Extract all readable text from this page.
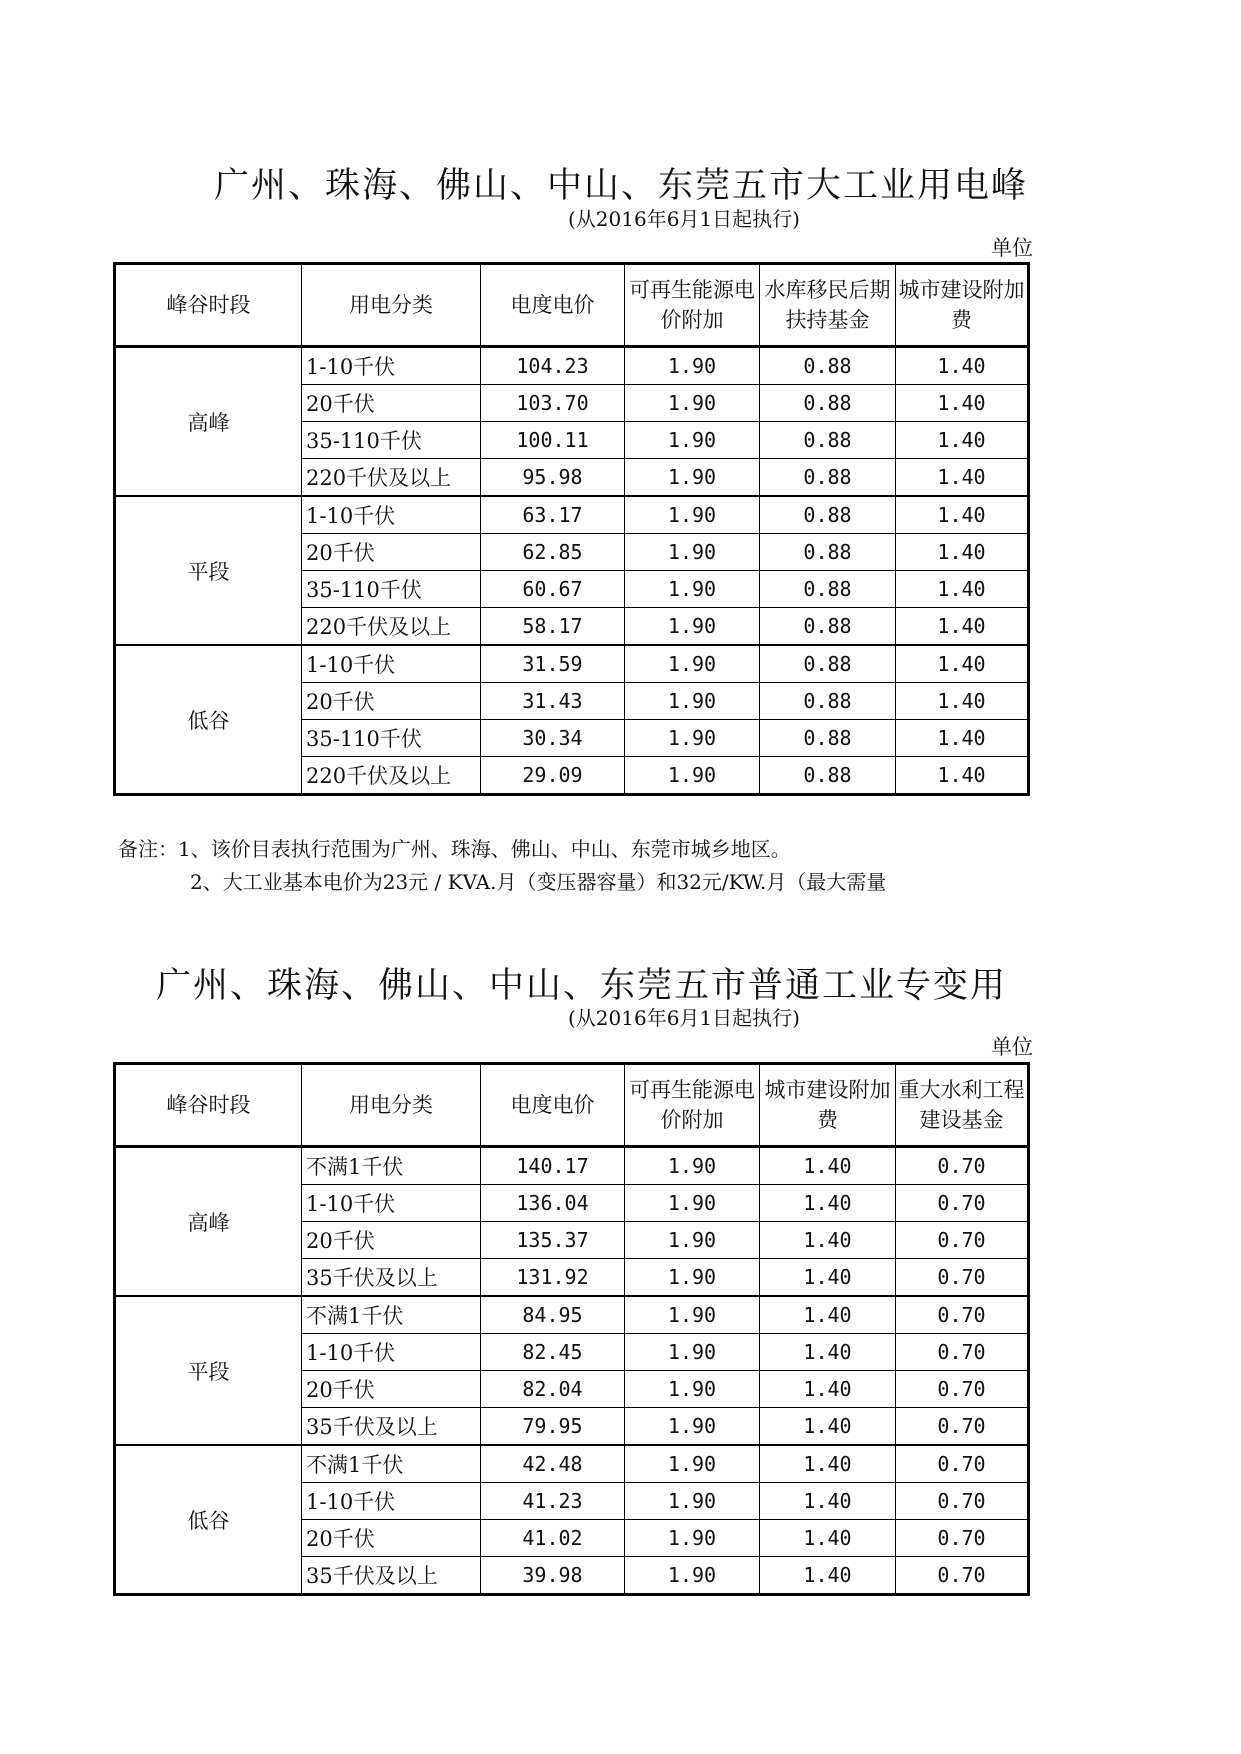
广州、珠海、佛山、中山、东莞五市大工业用电峰
(从2016年6月1日起执行)
单位
峰谷时段	用电分类	电度电价	可再生能源电价附加	水库移民后期扶持基金	城市建设附加费
高峰	1-10千伏	104.23	1.90	0.88	1.40
	20千伏	103.70	1.90	0.88	1.40
	35-110千伏	100.11	1.90	0.88	1.40
	220千伏及以上	95.98	1.90	0.88	1.40
平段	1-10千伏	63.17	1.90	0.88	1.40
	20千伏	62.85	1.90	0.88	1.40
	35-110千伏	60.67	1.90	0.88	1.40
	220千伏及以上	58.17	1.90	0.88	1.40
低谷	1-10千伏	31.59	1.90	0.88	1.40
	20千伏	31.43	1.90	0.88	1.40
	35-110千伏	30.34	1.90	0.88	1.40
	220千伏及以上	29.09	1.90	0.88	1.40
备注：1、该价目表执行范围为广州、珠海、佛山、中山、东莞市城乡地区。
2、大工业基本电价为23元 / KVA.月（变压器容量）和32元/KW.月（最大需量
广州、珠海、佛山、中山、东莞五市普通工业专变用
(从2016年6月1日起执行)
单位
峰谷时段	用电分类	电度电价	可再生能源电价附加	城市建设附加费	重大水利工程建设基金
高峰	不满1千伏	140.17	1.90	1.40	0.70
	1-10千伏	136.04	1.90	1.40	0.70
	20千伏	135.37	1.90	1.40	0.70
	35千伏及以上	131.92	1.90	1.40	0.70
平段	不满1千伏	84.95	1.90	1.40	0.70
	1-10千伏	82.45	1.90	1.40	0.70
	20千伏	82.04	1.90	1.40	0.70
	35千伏及以上	79.95	1.90	1.40	0.70
低谷	不满1千伏	42.48	1.90	1.40	0.70
	1-10千伏	41.23	1.90	1.40	0.70
	20千伏	41.02	1.90	1.40	0.70
	35千伏及以上	39.98	1.90	1.40	0.70
